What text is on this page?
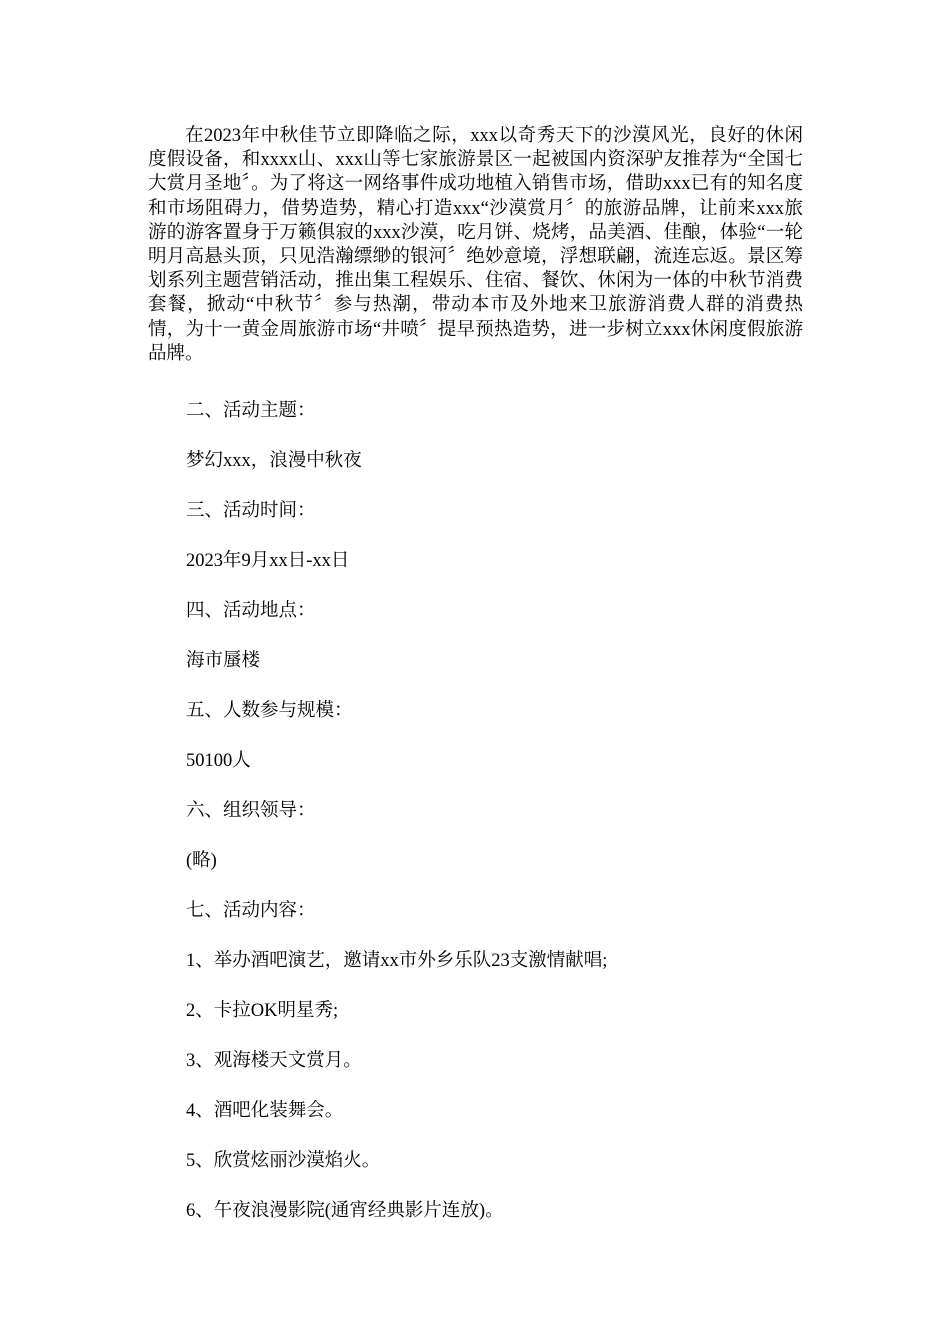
在2023年中秋佳节立即降临之际，xxx以奇秀天下的沙漠风光，良好的休闲度假设备，和xxxx山、xxx山等七家旅游景区一起被国内资深驴友推荐为“全国七大赏月圣地〞。为了将这一网络事件成功地植入销售市场，借助xxx已有的知名度和市场阻碍力，借势造势，精心打造xxx“沙漠赏月〞的旅游品牌，让前来xxx旅游的游客置身于万籁俱寂的xxx沙漠，吃月饼、烧烤，品美酒、佳酿，体验“一轮明月高悬头顶，只见浩瀚缥缈的银河〞绝妙意境，浮想联翩，流连忘返。景区筹划系列主题营销活动，推出集工程娱乐、住宿、餐饮、休闲为一体的中秋节消费套餐，掀动“中秋节〞参与热潮，带动本市及外地来卫旅游消费人群的消费热情，为十一黄金周旅游市场“井喷〞提早预热造势，进一步树立xxx休闲度假旅游品牌。

二、活动主题：

梦幻xxx，浪漫中秋夜

三、活动时间：

2023年9月xx日-xx日

四、活动地点：

海市蜃楼

五、人数参与规模：

50100人

六、组织领导：

(略)

七、活动内容：

1、举办酒吧演艺，邀请xx市外乡乐队23支激情献唱;

2、卡拉OK明星秀;

3、观海楼天文赏月。

4、酒吧化装舞会。

5、欣赏炫丽沙漠焰火。

6、午夜浪漫影院(通宵经典影片连放)。
